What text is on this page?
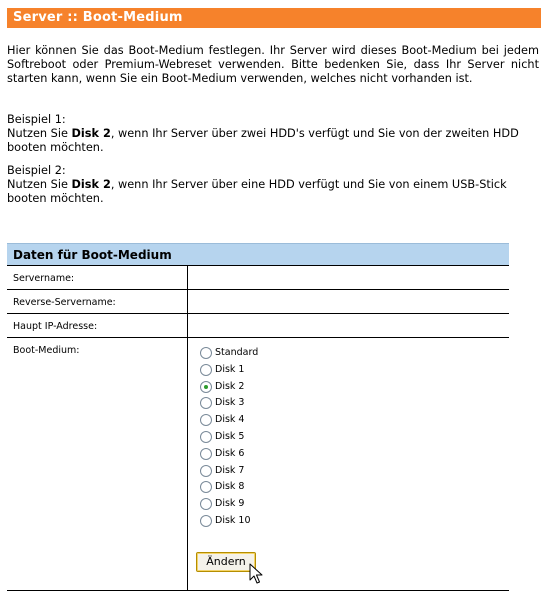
Server :: Boot-Medium

Hier können Sie das Boot-Medium festlegen. Ihr Server wird dieses Boot-Medium bei jedem Softreboot oder Premium-Webreset verwenden. Bitte bedenken Sie, dass Ihr Server nicht starten kann, wenn Sie ein Boot-Medium verwenden, welches nicht vorhanden ist.

Beispiel 1:
Nutzen Sie Disk 2, wenn Ihr Server über zwei HDD's verfügt und Sie von der zweiten HDD booten möchten.
Beispiel 2:
Nutzen Sie Disk 2, wenn Ihr Server über eine HDD verfügt und Sie von einem USB-Stick booten möchten.
Daten für Boot-Medium
Servername:
Reverse-Servername:
Haupt IP-Adresse:
Boot-Medium:	Standard
Disk 1
Disk 2
Disk 3
Disk 4
Disk 5
Disk 6
Disk 7
Disk 8
Disk 9
Disk 10
Ändern
